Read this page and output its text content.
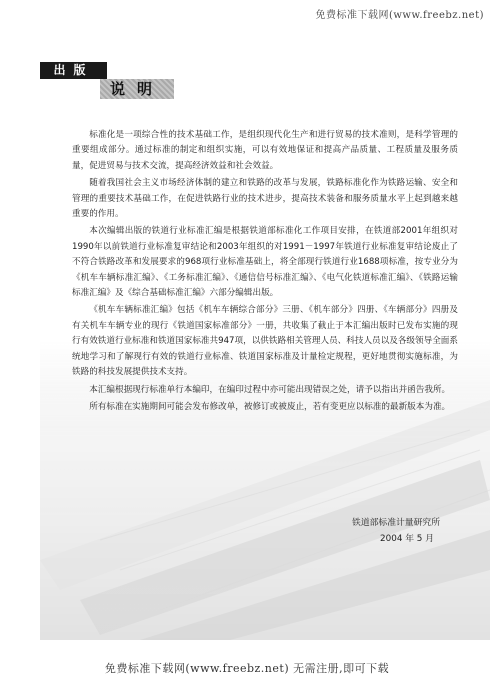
免费标准下载网(www.freebz.net)
出版
说明

标准化是一项综合性的技术基础工作，是组织现代化生产和进行贸易的技术准则，是科学管理的重要组成部分。通过标准的制定和组织实施，可以有效地保证和提高产品质量、工程质量及服务质量，促进贸易与技术交流，提高经济效益和社会效益。

随着我国社会主义市场经济体制的建立和铁路的改革与发展，铁路标准化作为铁路运输、安全和管理的重要技术基础工作，在促进铁路行业的技术进步，提高技术装备和服务质量水平上起到越来越重要的作用。

本次编辑出版的铁道行业标准汇编是根据铁道部标准化工作项目安排，在铁道部2001年组织对1990年以前铁道行业标准复审结论和2003年组织的对1991－1997年铁道行业标准复审结论废止了不符合铁路改革和发展要求的968项行业标准基础上，将全部现行铁道行业1688项标准，按专业分为《机车车辆标准汇编》、《工务标准汇编》、《通信信号标准汇编》、《电气化铁道标准汇编》、《铁路运输标准汇编》及《综合基础标准汇编》六部分编辑出版。

《机车车辆标准汇编》包括《机车车辆综合部分》三册、《机车部分》四册、《车辆部分》四册及有关机车车辆专业的现行《铁道国家标准部分》一册，共收集了截止于本汇编出版时已发布实施的现行有效铁道行业标准和铁道国家标准共947项，以供铁路相关管理人员、科技人员以及各级领导全面系统地学习和了解现行有效的铁道行业标准、铁道国家标准及计量检定规程，更好地贯彻实施标准，为铁路的科技发展提供技术支持。

本汇编根据现行标准单行本编印，在编印过程中亦可能出现错误之处，请予以指出并函告我所。

所有标准在实施期间可能会发布修改单，被修订或被废止，若有变更应以标准的最新版本为准。

铁道部标准计量研究所
2004 年 5 月
免费标准下载网(www.freebz.net) 无需注册,即可下载
